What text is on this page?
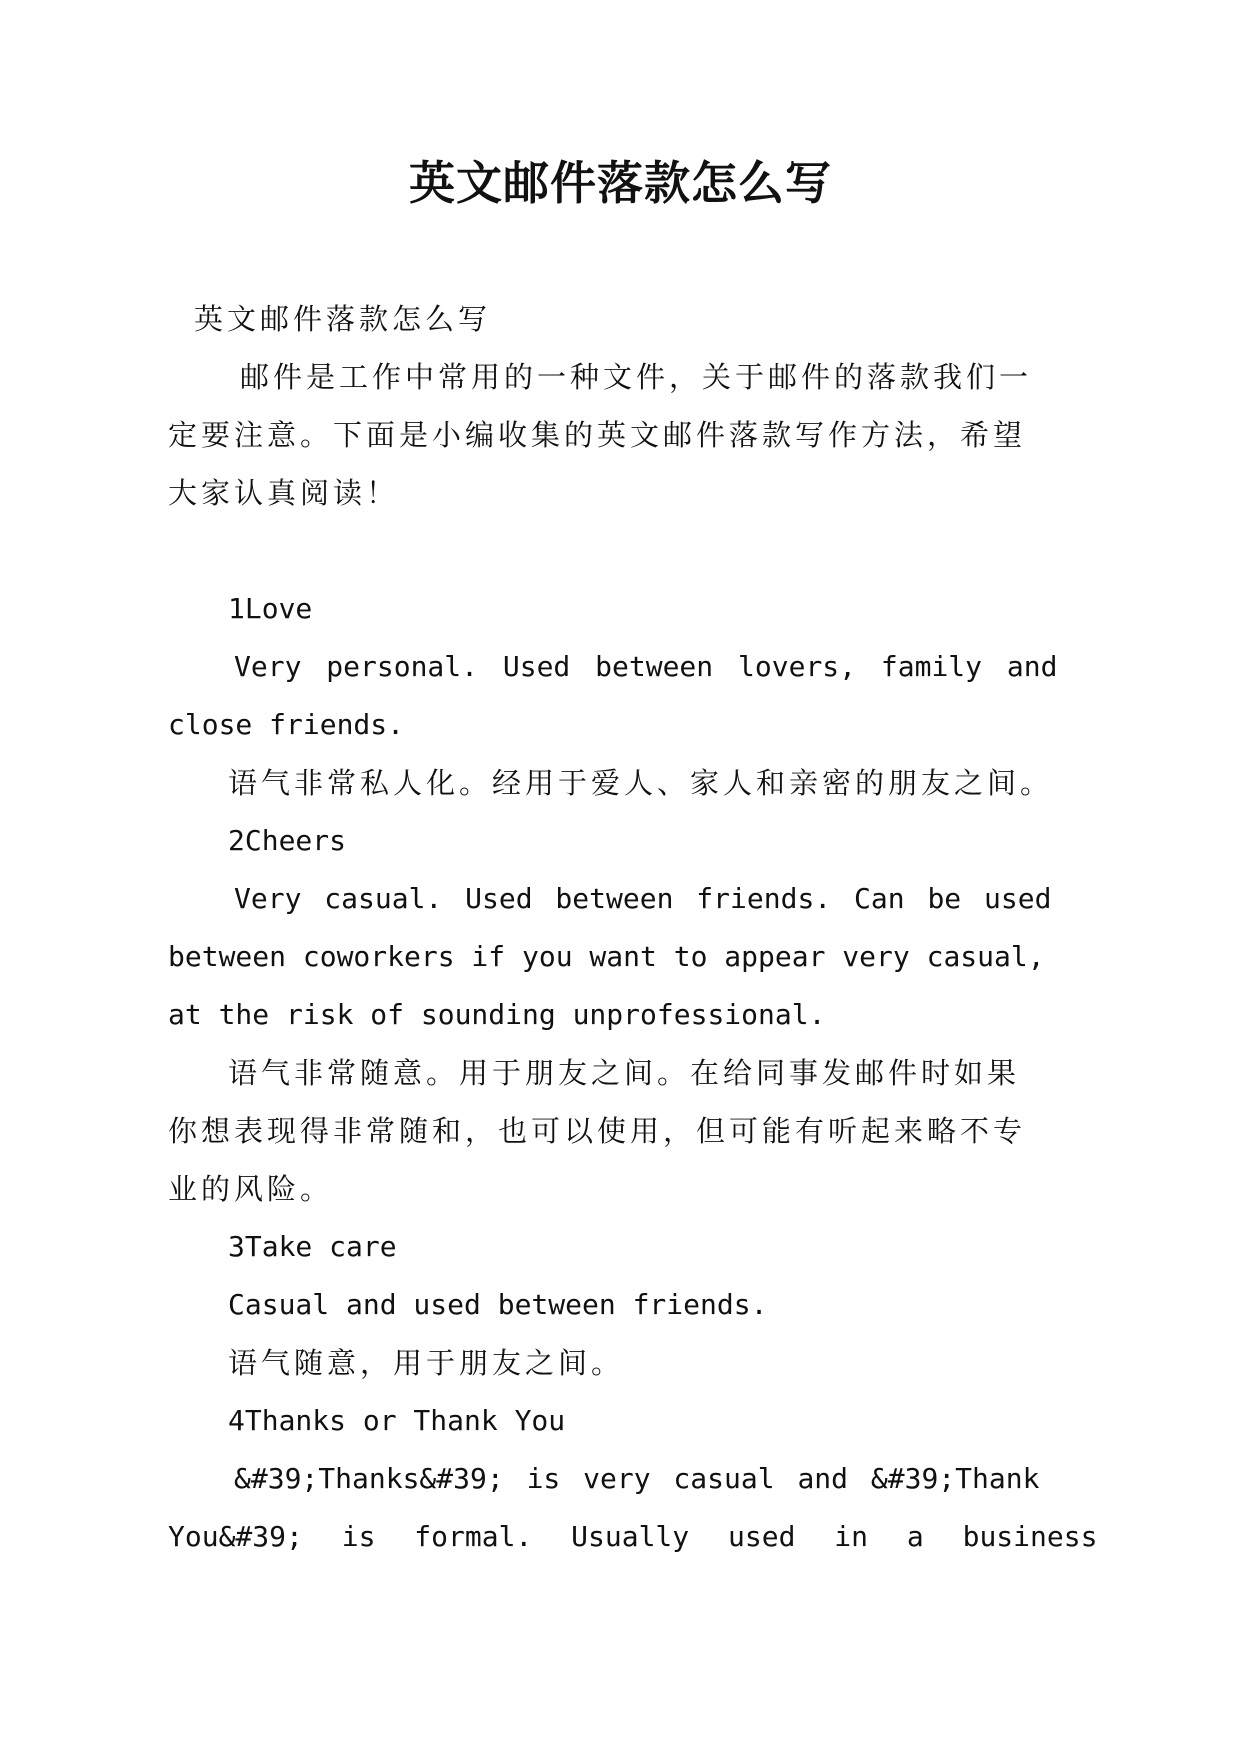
英文邮件落款怎么写
英文邮件落款怎么写
邮件是工作中常用的一种文件，关于邮件的落款我们一
定要注意。下面是小编收集的英文邮件落款写作方法，希望
大家认真阅读！
1Love
Very personal. Used between lovers, family and
close friends.
语气非常私人化。经用于爱人、家人和亲密的朋友之间。
2Cheers
Very casual. Used between friends. Can be used
between coworkers if you want to appear very casual,
at the risk of sounding unprofessional.
语气非常随意。用于朋友之间。在给同事发邮件时如果
你想表现得非常随和，也可以使用，但可能有听起来略不专
业的风险。
3Take care
Casual and used between friends.
语气随意，用于朋友之间。
4Thanks or Thank You
&#39;Thanks&#39; is very casual and &#39;Thank
You&#39; is formal. Usually used in a business
